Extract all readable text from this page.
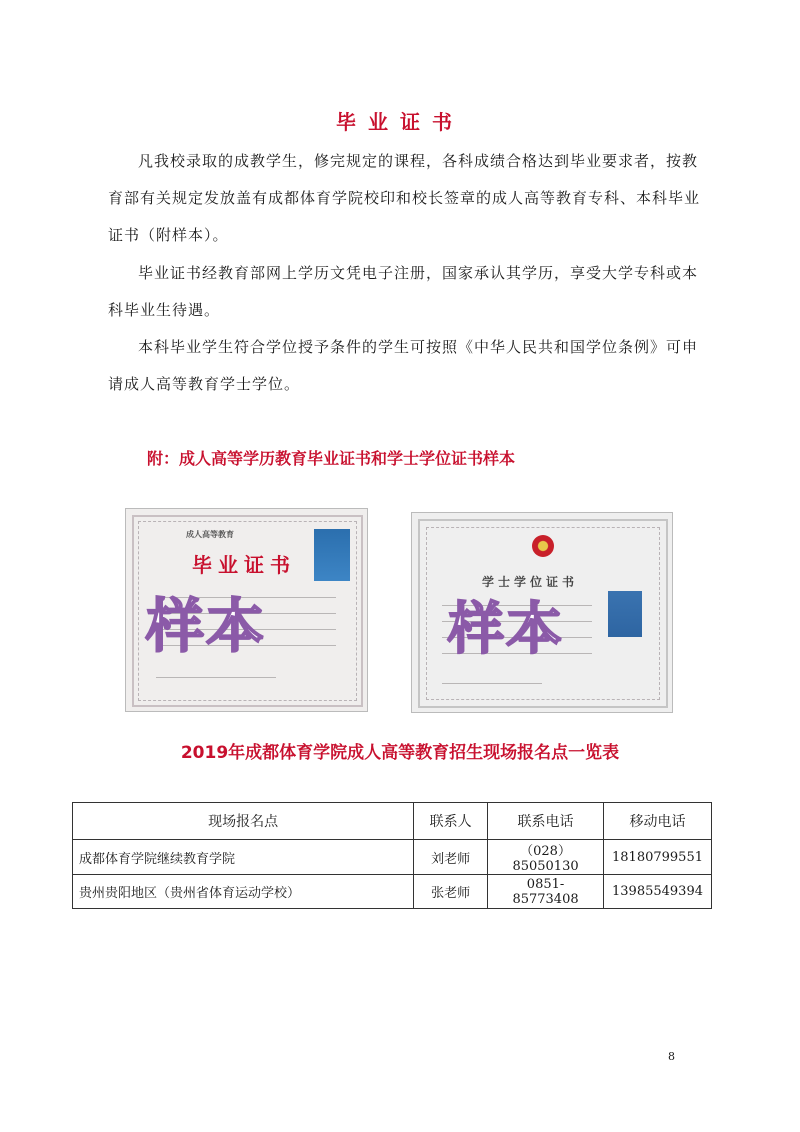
毕业证书

凡我校录取的成教学生，修完规定的课程，各科成绩合格达到毕业要求者，按教育部有关规定发放盖有成都体育学院校印和校长签章的成人高等教育专科、本科毕业证书（附样本）。

毕业证书经教育部网上学历文凭电子注册，国家承认其学历，享受大学专科或本科毕业生待遇。

本科毕业学生符合学位授予条件的学生可按照《中华人民共和国学位条例》可申请成人高等教育学士学位。

附：成人高等学历教育毕业证书和学士学位证书样本
成人高等教育
毕业证书
样本
学士学位证书
样本
2019年成都体育学院成人高等教育招生现场报名点一览表
现场报名点	联系人	联系电话	移动电话
成都体育学院继续教育学院	刘老师	（028）85050130	18180799551
贵州贵阳地区（贵州省体育运动学校）	张老师	0851-85773408	13985549394
8
